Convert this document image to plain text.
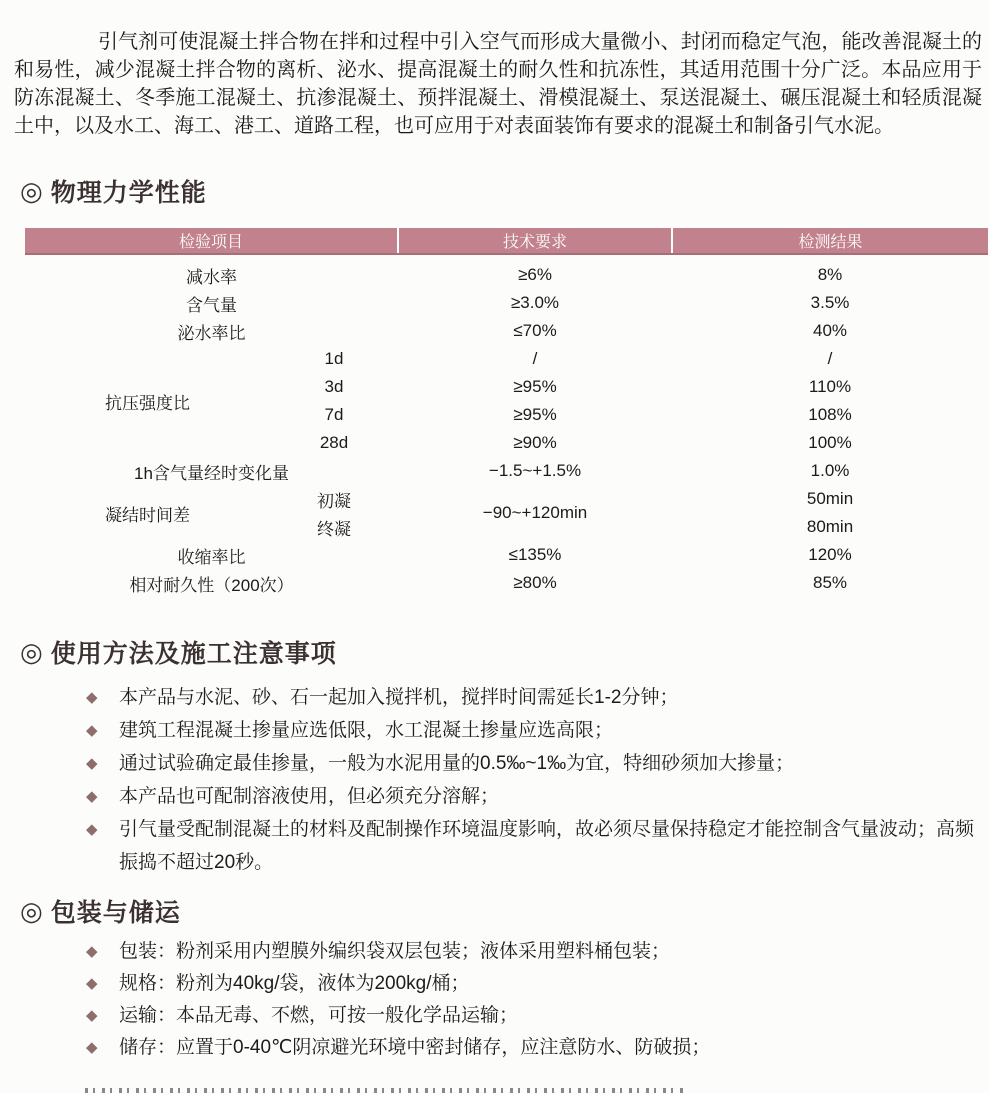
引气剂可使混凝土拌合物在拌和过程中引入空气而形成大量微小、封闭而稳定气泡，能改善混凝土的和易性，减少混凝土拌合物的离析、泌水、提高混凝土的耐久性和抗冻性，其适用范围十分广泛。本品应用于防冻混凝土、冬季施工混凝土、抗渗混凝土、预拌混凝土、滑模混凝土、泵送混凝土、碾压混凝土和轻质混凝土中，以及水工、海工、港工、道路工程，也可应用于对表面装饰有要求的混凝土和制备引气水泥。

◎ 物理力学性能
检验项目		技术要求	检测结果

减水率		≥6%	8%
含气量		≥3.0%	3.5%
泌水率比		≤70%	40%
抗压强度比	1d	/	/
	3d	≥95%	110%
	7d	≥95%	108%
	28d	≥90%	100%
1h含气量经时变化量		−1.5~+1.5%	1.0%
凝结时间差	初凝	−90~+120min	50min
	终凝		80min
收缩率比		≤135%	120%
相对耐久性（200次）		≥80%	85%
◎ 使用方法及施工注意事项
◆ 本产品与水泥、砂、石一起加入搅拌机，搅拌时间需延长1-2分钟；
◆ 建筑工程混凝土掺量应选低限，水工混凝土掺量应选高限；
◆ 通过试验确定最佳掺量，一般为水泥用量的0.5‰~1‰为宜，特细砂须加大掺量；
◆ 本产品也可配制溶液使用，但必须充分溶解；
◆ 引气量受配制混凝土的材料及配制操作环境温度影响，故必须尽量保持稳定才能控制含气量波动；高频振捣不超过20秒。
◎ 包装与储运
◆ 包装：粉剂采用内塑膜外编织袋双层包装；液体采用塑料桶包装；
◆ 规格：粉剂为40kg/袋，液体为200kg/桶；
◆ 运输：本品无毒、不燃，可按一般化学品运输；
◆ 储存：应置于0-40℃阴凉避光环境中密封储存，应注意防水、防破损；
